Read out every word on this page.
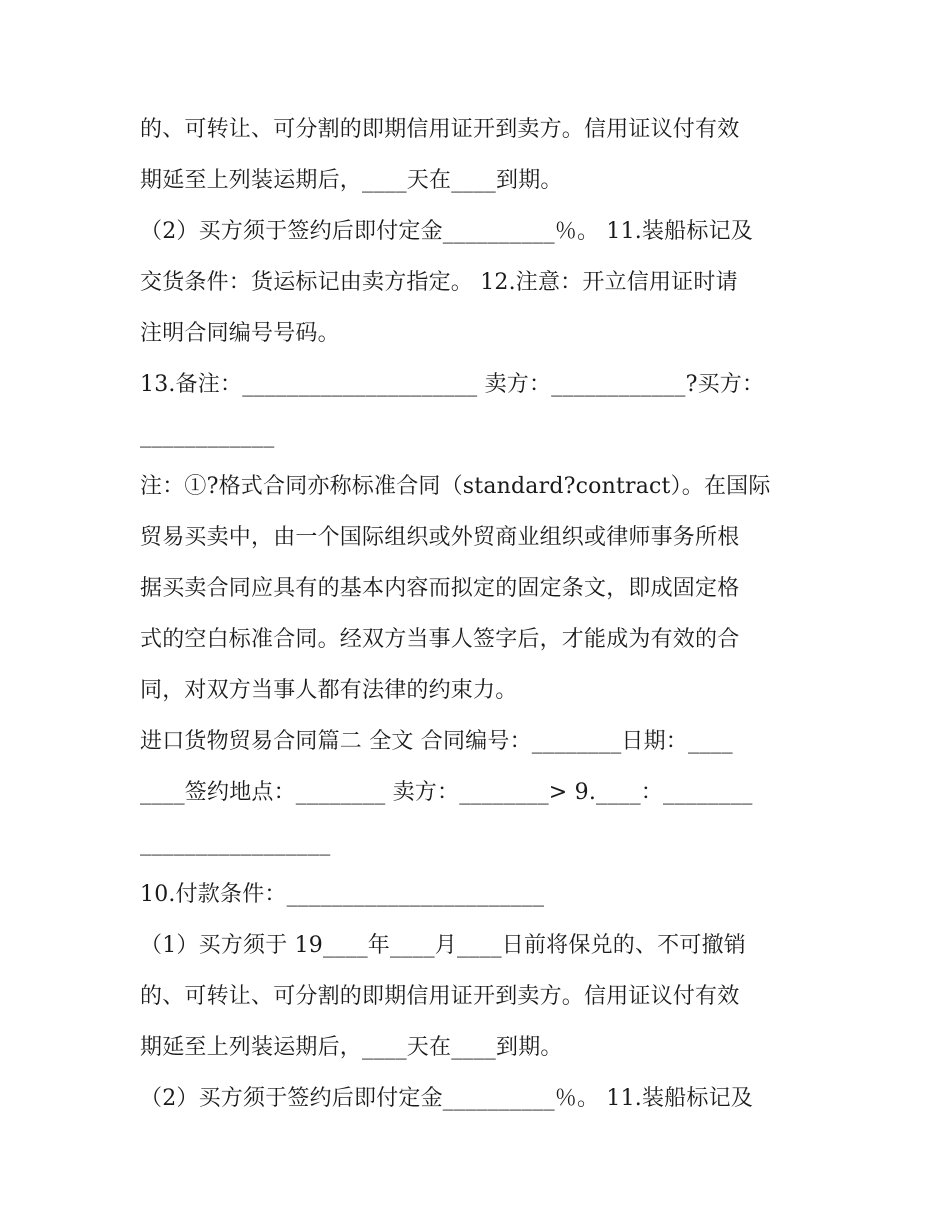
的、可转让、可分割的即期信用证开到卖方。信用证议付有效
期延至上列装运期后，____天在____到期。
（2）买方须于签约后即付定金__________％。 11.装船标记及
交货条件：货运标记由卖方指定。 12.注意：开立信用证时请
注明合同编号号码。
13.备注：_____________________ 卖方：____________?买方：
____________
注：①?格式合同亦称标准合同（standard?contract）。在国际
贸易买卖中，由一个国际组织或外贸商业组织或律师事务所根
据买卖合同应具有的基本内容而拟定的固定条文，即成固定格
式的空白标准合同。经双方当事人签字后，才能成为有效的合
同，对双方当事人都有法律的约束力。
进口货物贸易合同篇二 全文 合同编号：________日期：____
____签约地点：________ 卖方：________> 9.____：________
_________________
10.付款条件：_______________________
（1）买方须于 19____年____月____日前将保兑的、不可撤销
的、可转让、可分割的即期信用证开到卖方。信用证议付有效
期延至上列装运期后，____天在____到期。
（2）买方须于签约后即付定金__________％。 11.装船标记及
